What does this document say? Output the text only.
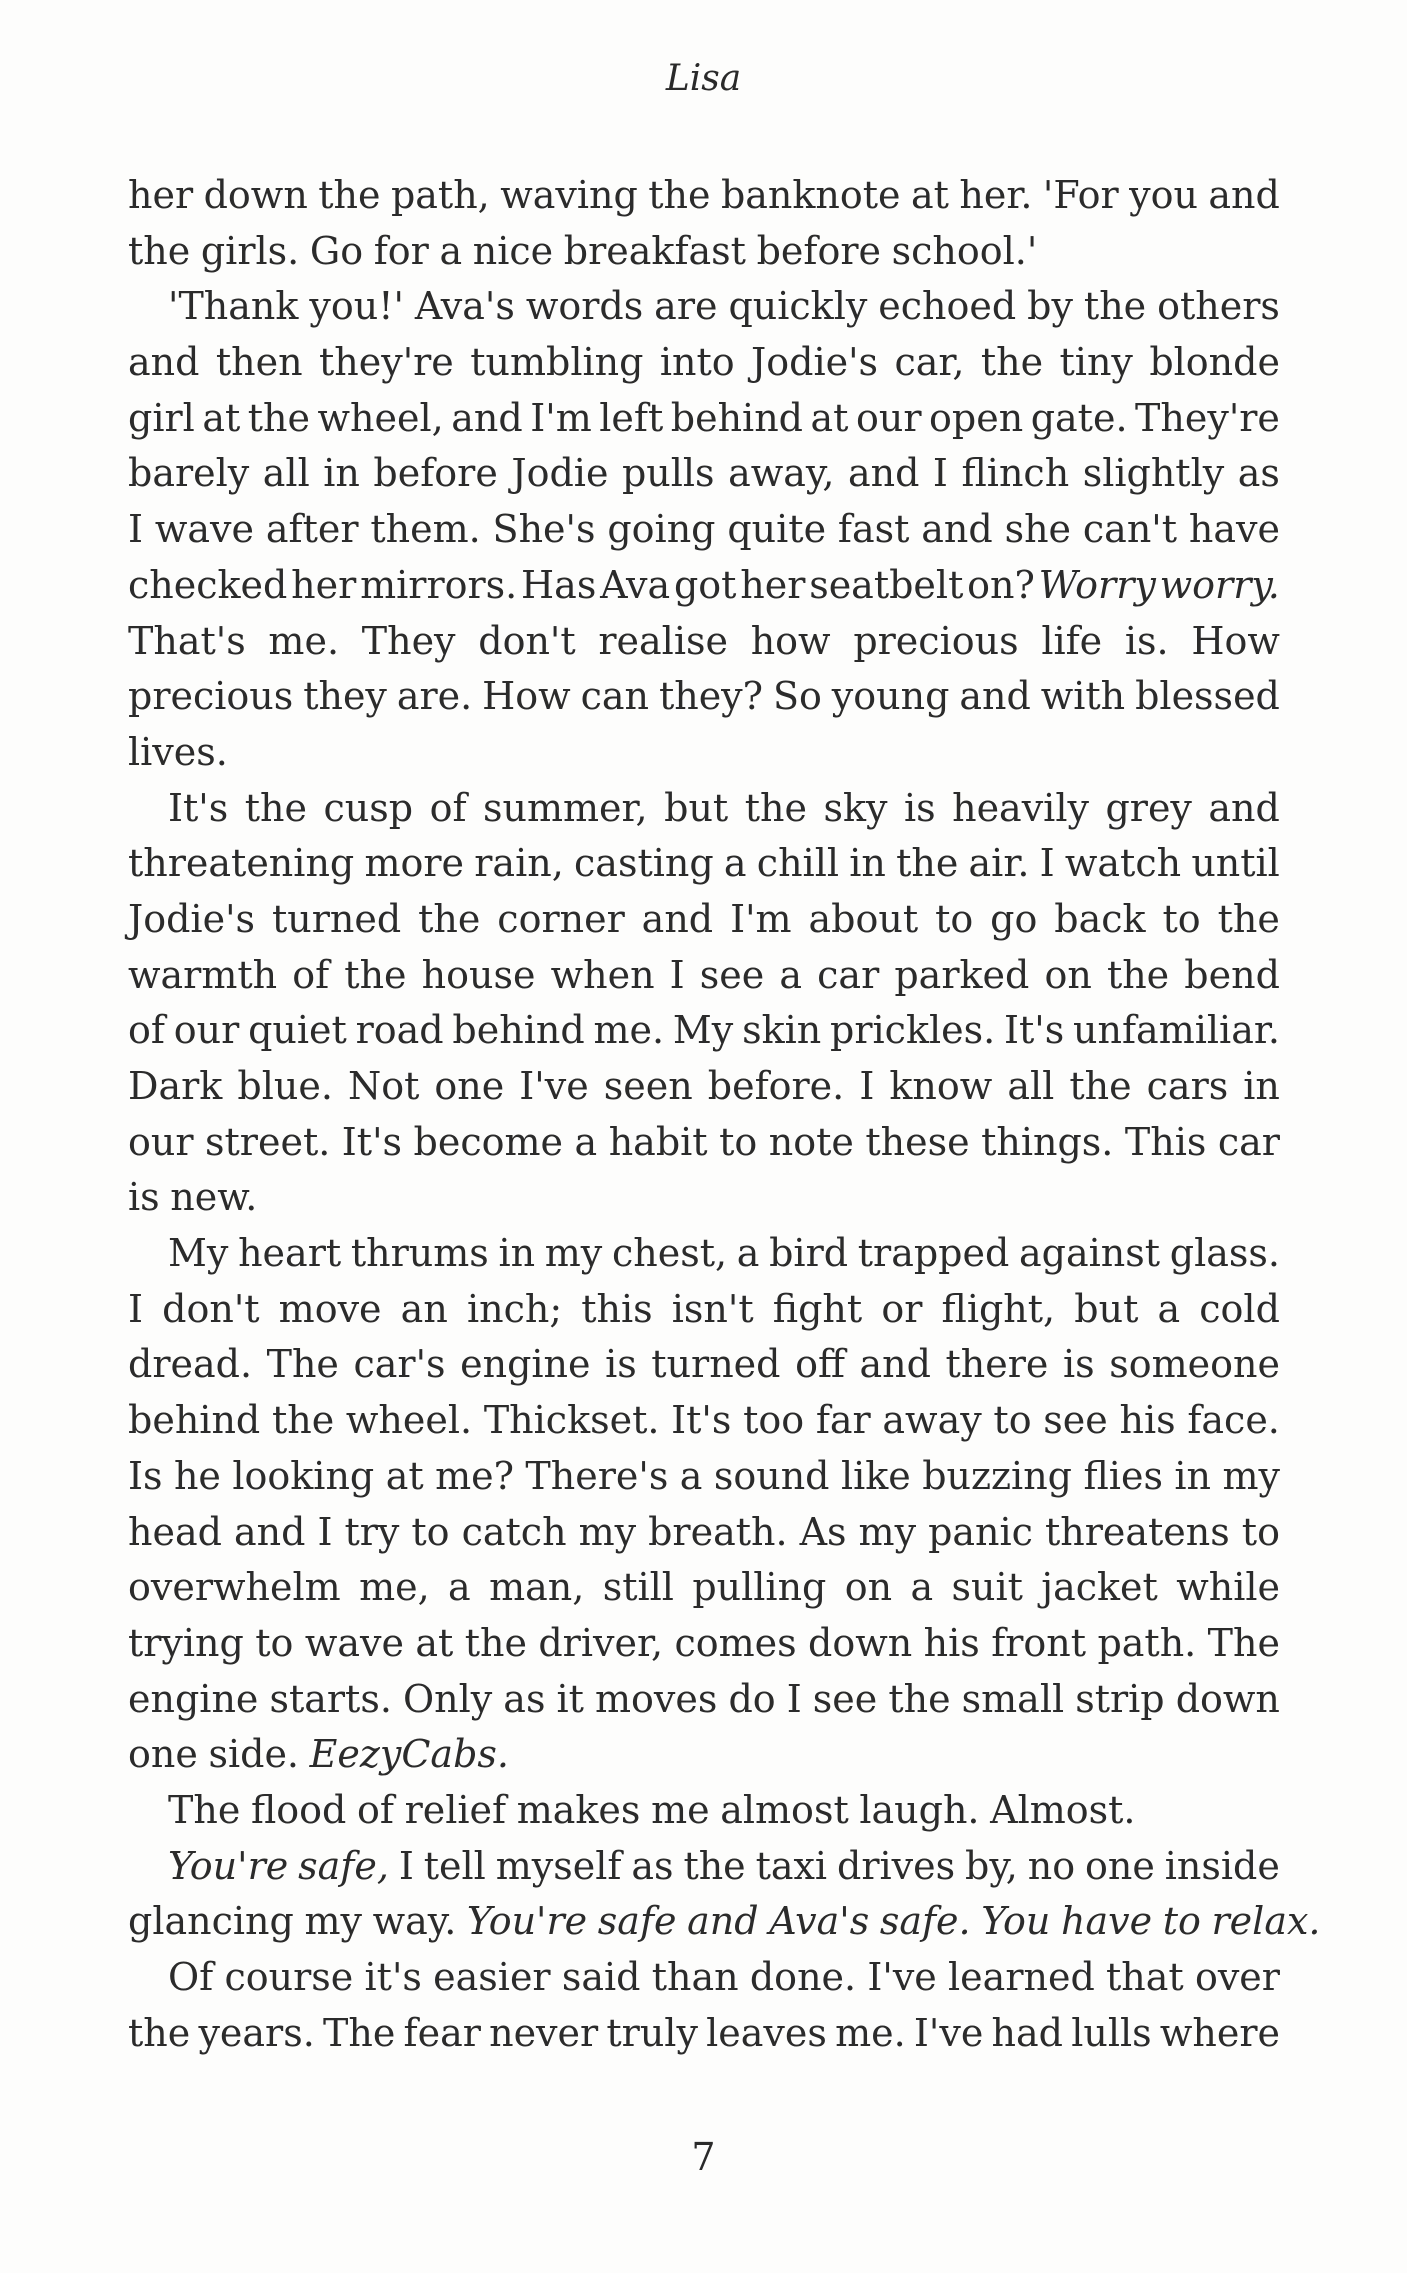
Lisa
her down the path, waving the banknote at her. 'For you and
the girls. Go for a nice breakfast before school.'
'Thank you!' Ava's words are quickly echoed by the others
and then they're tumbling into Jodie's car, the tiny blonde
girl at the wheel, and I'm left behind at our open gate. They're
barely all in before Jodie pulls away, and I flinch slightly as
I wave after them. She's going quite fast and she can't have
checked her mirrors. Has Ava got her seatbelt on? Worry worry.
That's me. They don't realise how precious life is. How
precious they are. How can they? So young and with blessed
lives.
It's the cusp of summer, but the sky is heavily grey and
threatening more rain, casting a chill in the air. I watch until
Jodie's turned the corner and I'm about to go back to the
warmth of the house when I see a car parked on the bend
of our quiet road behind me. My skin prickles. It's unfamiliar.
Dark blue. Not one I've seen before. I know all the cars in
our street. It's become a habit to note these things. This car
is new.
My heart thrums in my chest, a bird trapped against glass.
I don't move an inch; this isn't fight or flight, but a cold
dread. The car's engine is turned off and there is someone
behind the wheel. Thickset. It's too far away to see his face.
Is he looking at me? There's a sound like buzzing flies in my
head and I try to catch my breath. As my panic threatens to
overwhelm me, a man, still pulling on a suit jacket while
trying to wave at the driver, comes down his front path. The
engine starts. Only as it moves do I see the small strip down
one side. EezyCabs.
The flood of relief makes me almost laugh. Almost.
You're safe, I tell myself as the taxi drives by, no one inside
glancing my way. You're safe and Ava's safe. You have to relax.
Of course it's easier said than done. I've learned that over
the years. The fear never truly leaves me. I've had lulls where
7
